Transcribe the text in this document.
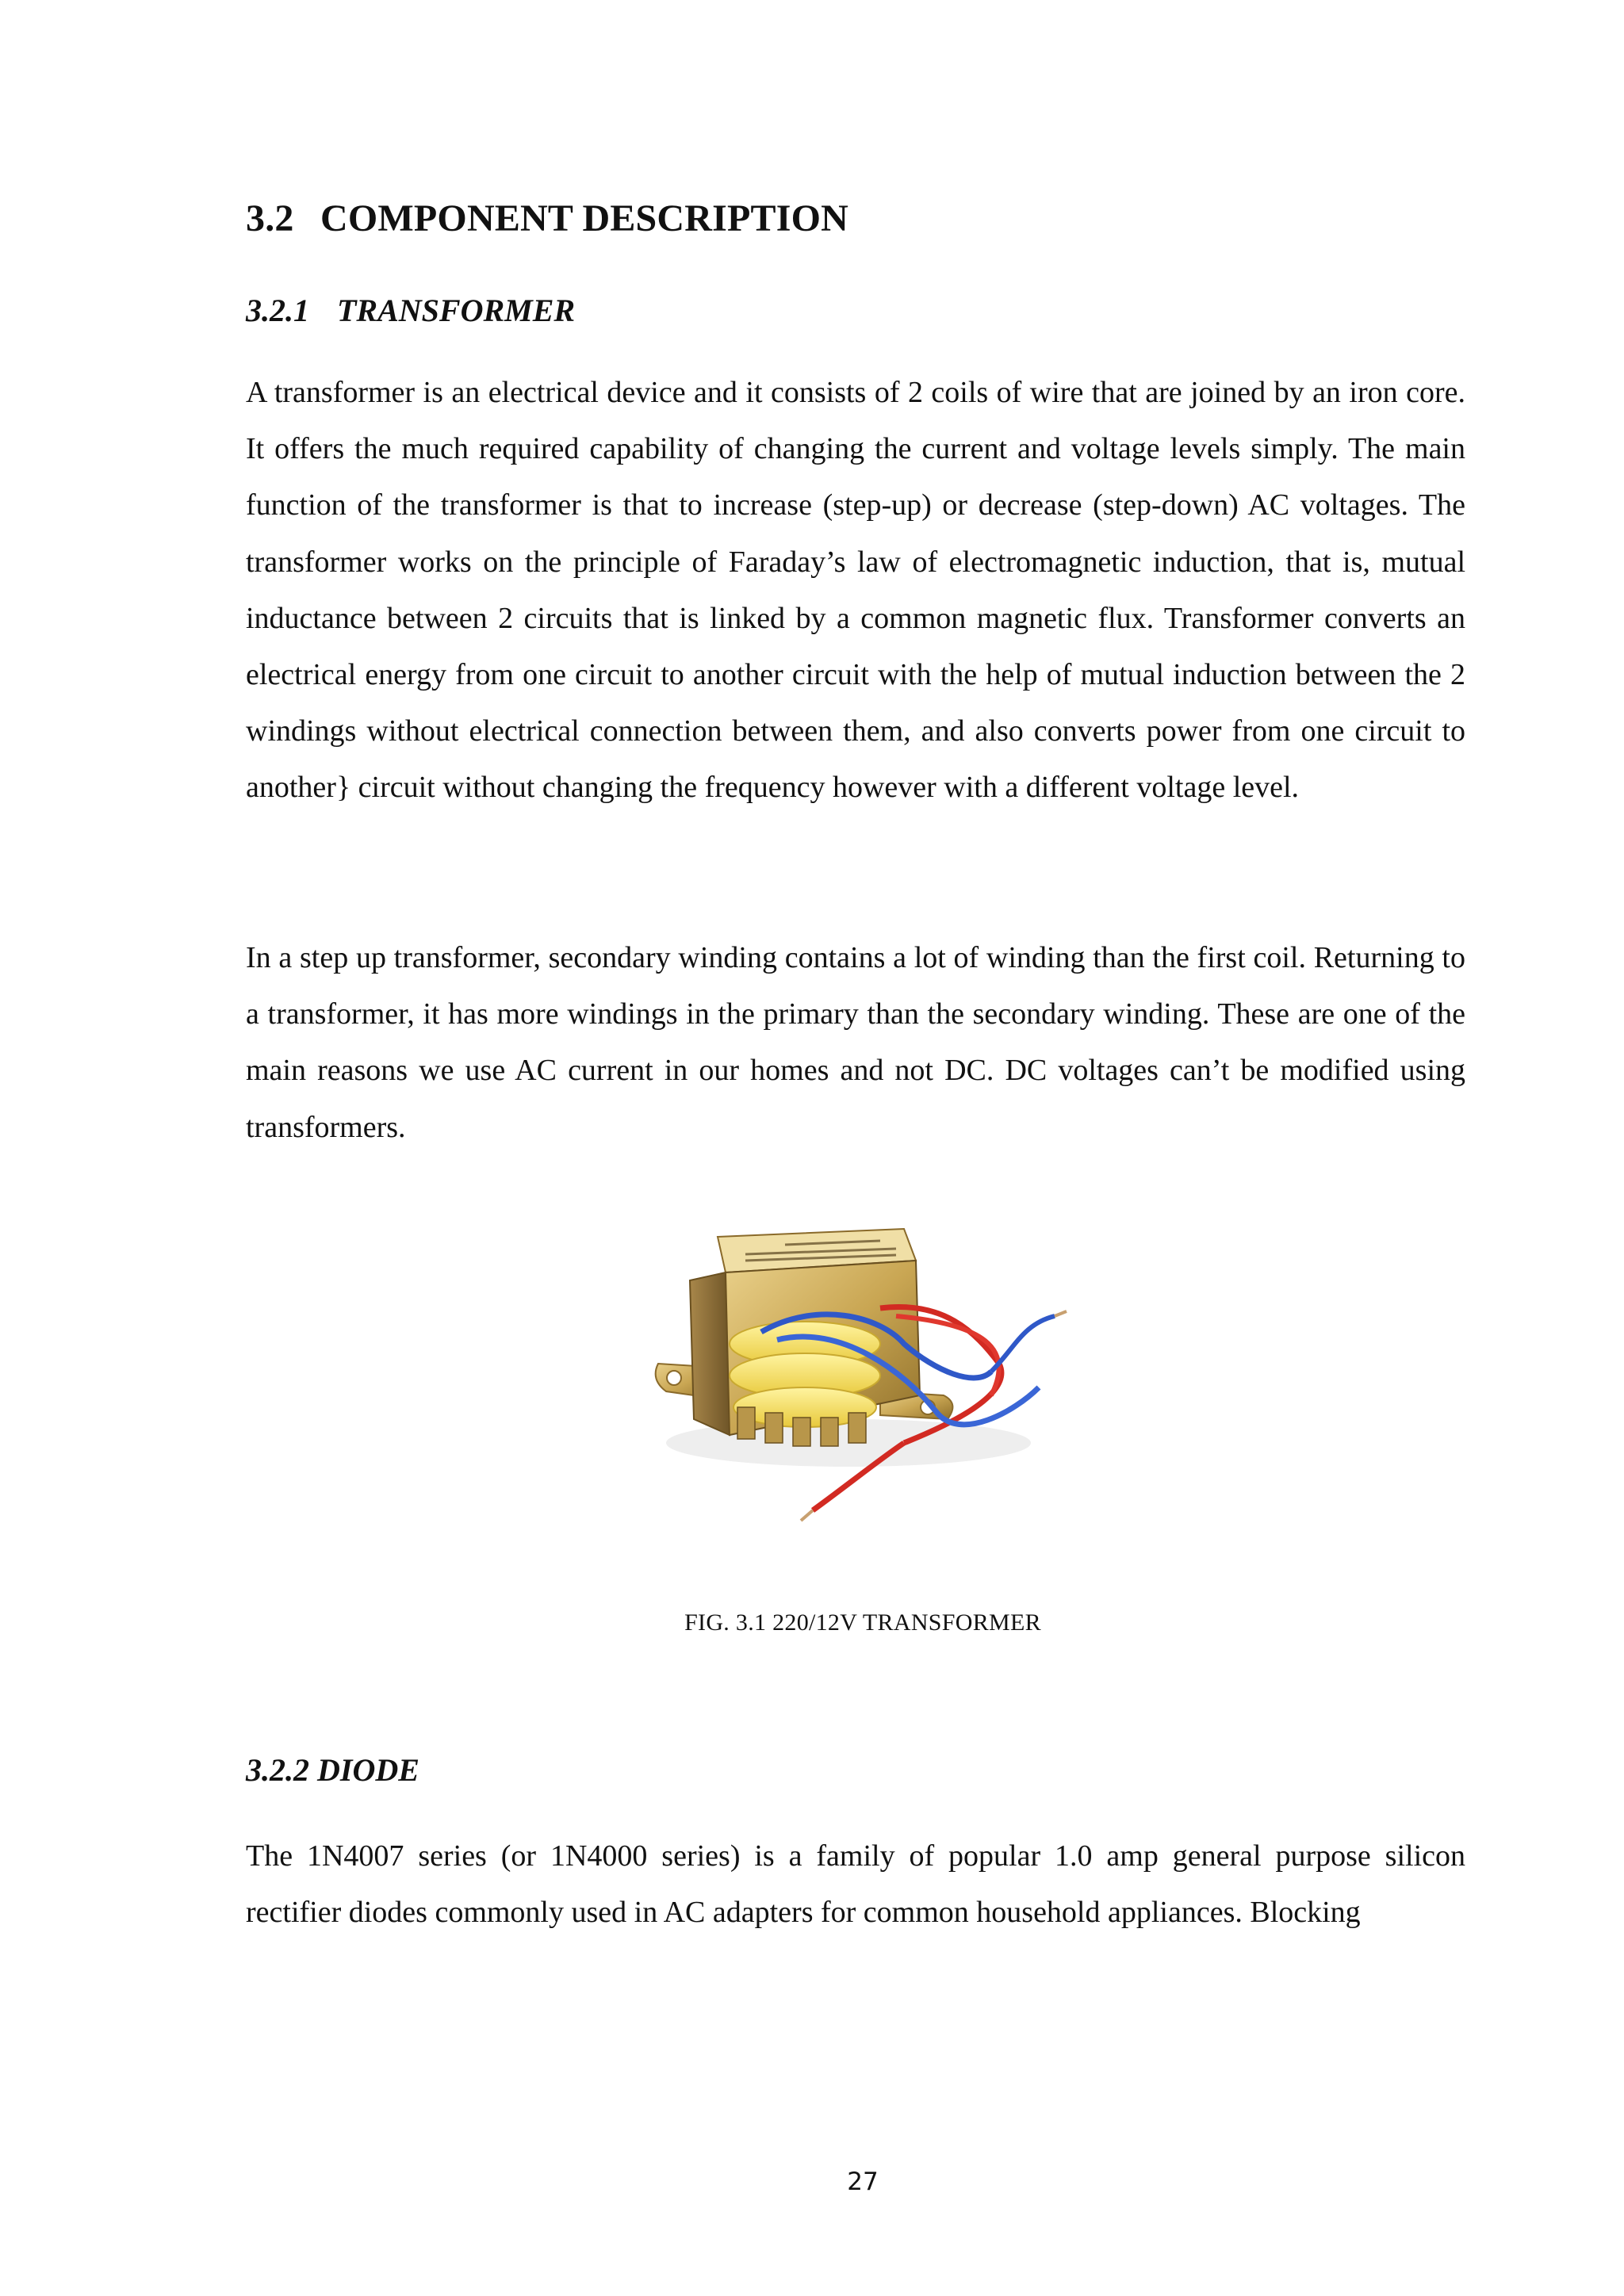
3.2 COMPONENT DESCRIPTION
3.2.1 TRANSFORMER

A transformer is an electrical device and it consists of 2 coils of wire that are joined by an iron core. It offers the much required capability of changing the current and voltage levels simply. The main function of the transformer is that to increase (step-up) or decrease (step-down) AC voltages. The transformer works on the principle of Faraday’s law of electromagnetic induction, that is, mutual inductance between 2 circuits that is linked by a common magnetic flux. Transformer converts an electrical energy from one circuit to another circuit with the help of mutual induction between the 2 windings without electrical connection between them, and also converts power from one circuit to another} circuit without changing the frequency however with a different voltage level.

In a step up transformer, secondary winding contains a lot of winding than the first coil. Returning to a transformer, it has more windings in the primary than the secondary winding. These are one of the main reasons we use AC current in our homes and not DC. DC voltages can’t be modified using transformers.

FIG. 3.1 220/12V TRANSFORMER
3.2.2 DIODE

The 1N4007 series (or 1N4000 series) is a family of popular 1.0 amp general purpose silicon rectifier diodes commonly used in AC adapters for common household appliances. Blocking

27
